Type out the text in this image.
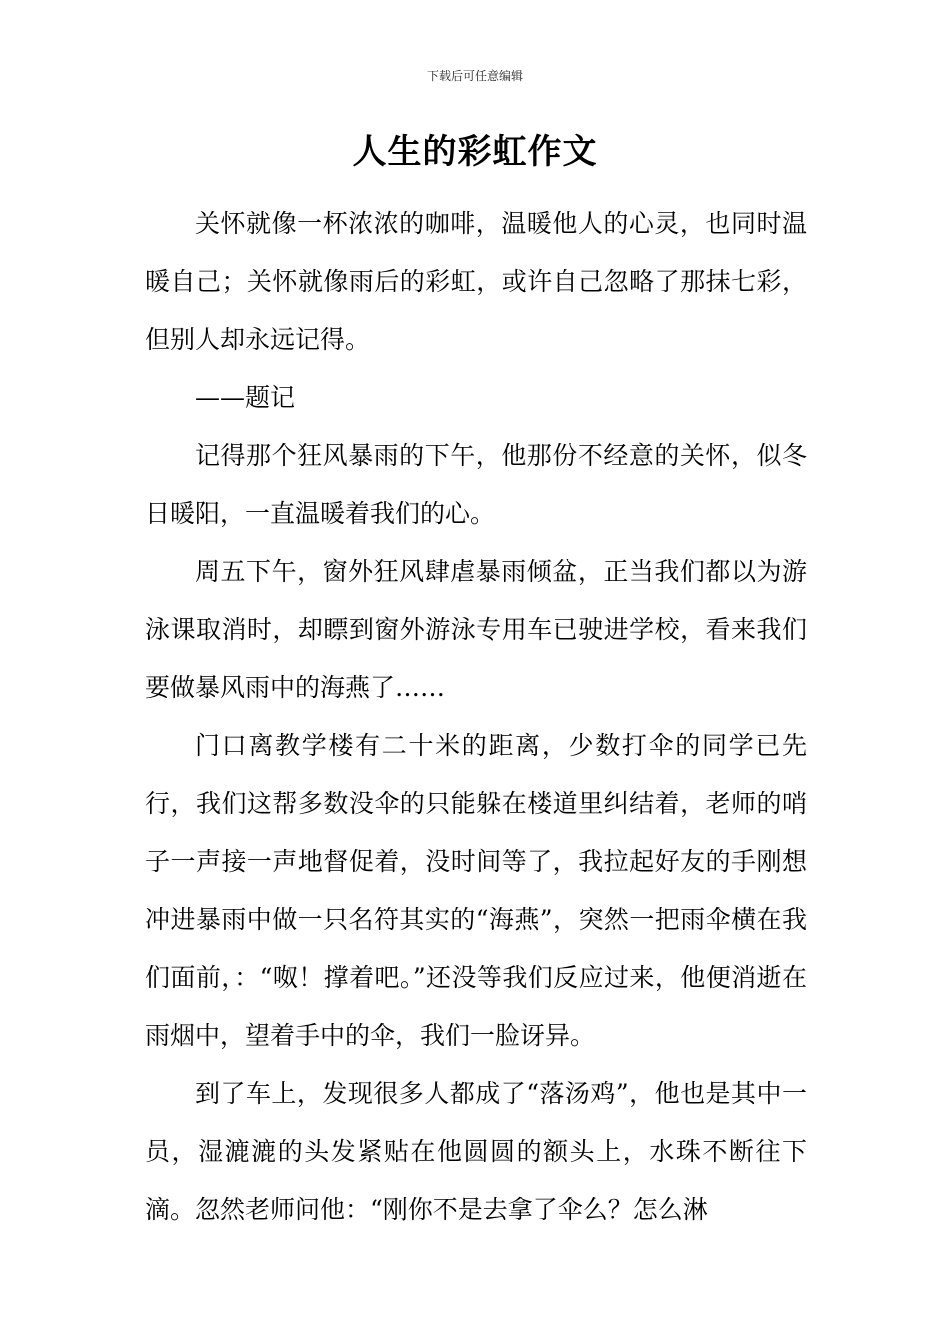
下载后可任意编辑
人生的彩虹作文

关怀就像一杯浓浓的咖啡，温暖他人的心灵，也同时温暖自己；关怀就像雨后的彩虹，或许自己忽略了那抹七彩，但别人却永远记得。

——题记

记得那个狂风暴雨的下午，他那份不经意的关怀，似冬日暖阳，一直温暖着我们的心。

周五下午，窗外狂风肆虐暴雨倾盆，正当我们都以为游泳课取消时，却瞟到窗外游泳专用车已驶进学校，看来我们要做暴风雨中的海燕了……

门口离教学楼有二十米的距离，少数打伞的同学已先行，我们这帮多数没伞的只能躲在楼道里纠结着，老师的哨子一声接一声地督促着，没时间等了，我拉起好友的手刚想冲进暴雨中做一只名符其实的“海燕”，突然一把雨伞横在我们面前，：“呶！撑着吧。”还没等我们反应过来，他便消逝在雨烟中，望着手中的伞，我们一脸讶异。

到了车上，发现很多人都成了“落汤鸡”，他也是其中一员，湿漉漉的头发紧贴在他圆圆的额头上，水珠不断往下滴。忽然老师问他：“刚你不是去拿了伞么？怎么淋
